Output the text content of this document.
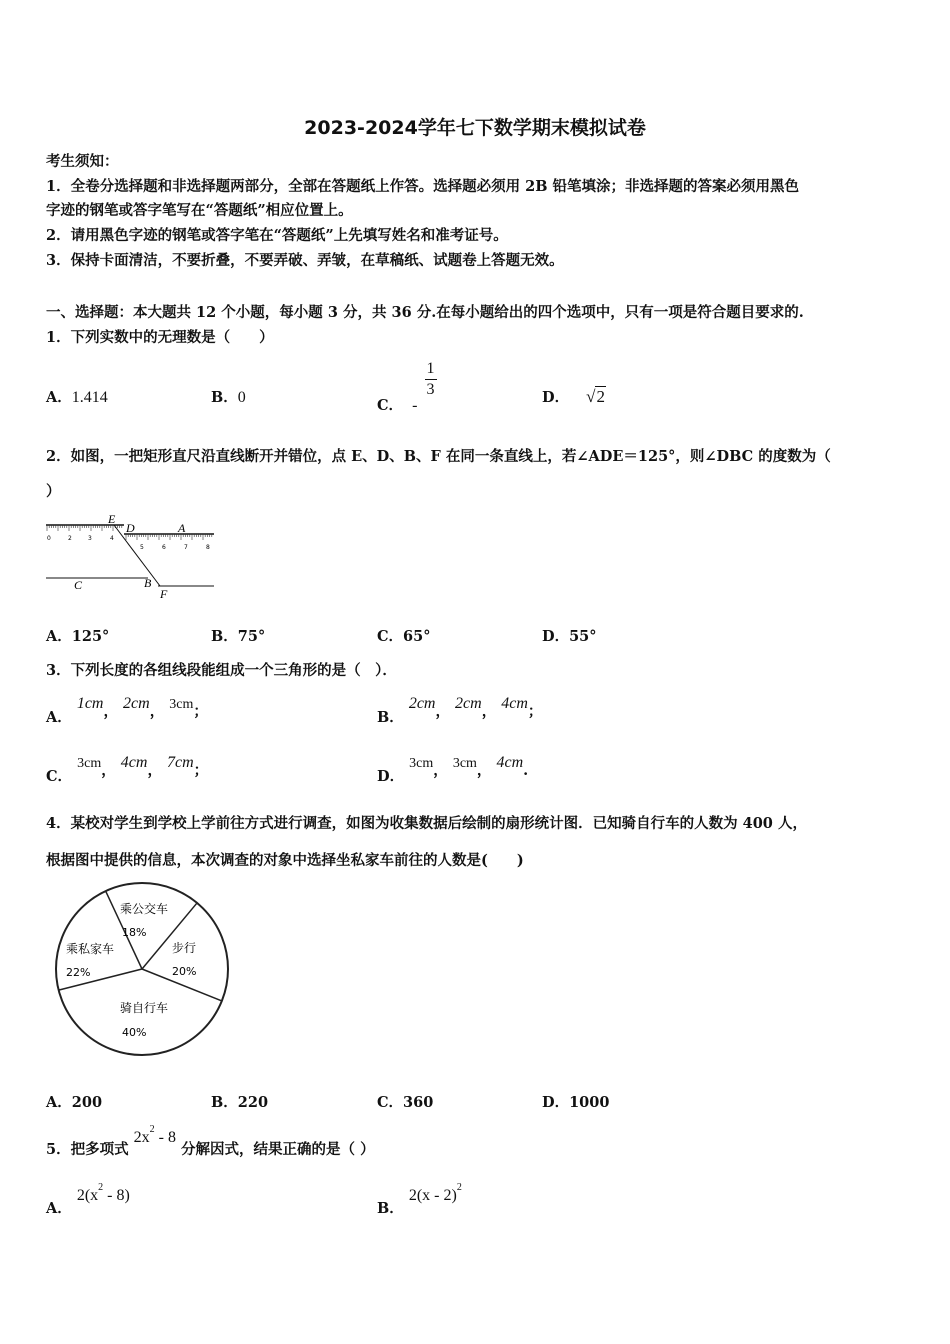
2023-2024学年七下数学期末模拟试卷
考生须知：
1．全卷分选择题和非选择题两部分，全部在答题纸上作答。选择题必须用 2B 铅笔填涂；非选择题的答案必须用黑色
字迹的钢笔或答字笔写在“答题纸”相应位置上。
2．请用黑色字迹的钢笔或答字笔在“答题纸”上先填写姓名和准考证号。
3．保持卡面清洁，不要折叠，不要弄破、弄皱，在草稿纸、试题卷上答题无效。
一、选择题：本大题共 12 个小题，每小题 3 分，共 36 分.在每小题给出的四个选项中，只有一项是符合题目要求的.
1．下列实数中的无理数是（　　）
A．1.414	B．0	C． -
$\frac{1}{3}$	D． √2
2．如图，一把矩形直尺沿直线断开并错位，点 E、D、B、F 在同一条直线上，若∠ADE＝125°，则∠DBC 的度数为（
）
E
D	A
C	B
F
0	2	3	4
5	6	7	8
A．125°	B．75°	C．65°	D．55°
3．下列长度的各组线段能组成一个三角形的是（　）．
A． 1cm， 2cm， 3cm；	B． 2cm， 2cm， 4cm；
C． 3cm， 4cm， 7cm；	D． 3cm， 3cm， 4cm.
4．某校对学生到学校上学前往方式进行调查，如图为收集数据后绘制的扇形统计图．已知骑自行车的人数为 400 人，
根据图中提供的信息，本次调查的对象中选择坐私家车前往的人数是(　　)
乘公交车
18%
步行
20%
骑自行车
40%
乘私家车
22%
A．200	B．220	C．360	D．1000
5．把多项式 $2x^2 - 8$ 分解因式，结果正确的是（ ）
A． $2(x^2 - 8)$
B． 2(x - 2)$^2$
